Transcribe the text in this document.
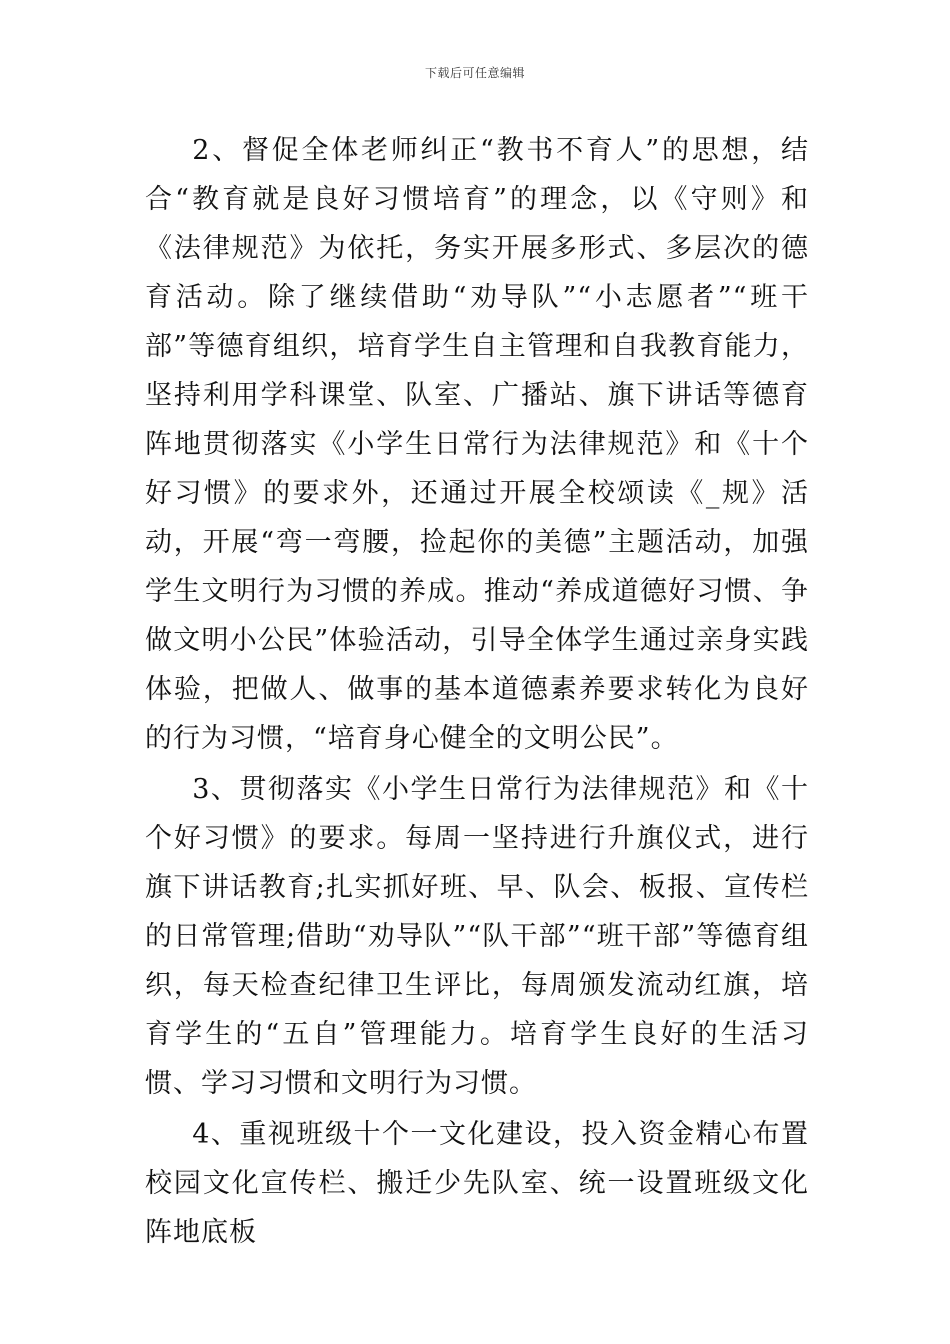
下载后可任意编辑

2、督促全体老师纠正“教书不育人”的思想，结合“教育就是良好习惯培育”的理念，以《守则》和《法律规范》为依托，务实开展多形式、多层次的德育活动。除了继续借助“劝导队”“小志愿者”“班干部”等德育组织，培育学生自主管理和自我教育能力，坚持利用学科课堂、队室、广播站、旗下讲话等德育阵地贯彻落实《小学生日常行为法律规范》和《十个好习惯》的要求外，还通过开展全校颂读《_规》活动，开展“弯一弯腰，捡起你的美德”主题活动，加强学生文明行为习惯的养成。推动“养成道德好习惯、争做文明小公民”体验活动，引导全体学生通过亲身实践体验，把做人、做事的基本道德素养要求转化为良好的行为习惯，“培育身心健全的文明公民”。

3、贯彻落实《小学生日常行为法律规范》和《十个好习惯》的要求。每周一坚持进行升旗仪式，进行旗下讲话教育;扎实抓好班、早、队会、板报、宣传栏的日常管理;借助“劝导队”“队干部”“班干部”等德育组织，每天检查纪律卫生评比，每周颁发流动红旗，培育学生的“五自”管理能力。培育学生良好的生活习惯、学习习惯和文明行为习惯。

4、重视班级十个一文化建设，投入资金精心布置校园文化宣传栏、搬迁少先队室、统一设置班级文化阵地底板
